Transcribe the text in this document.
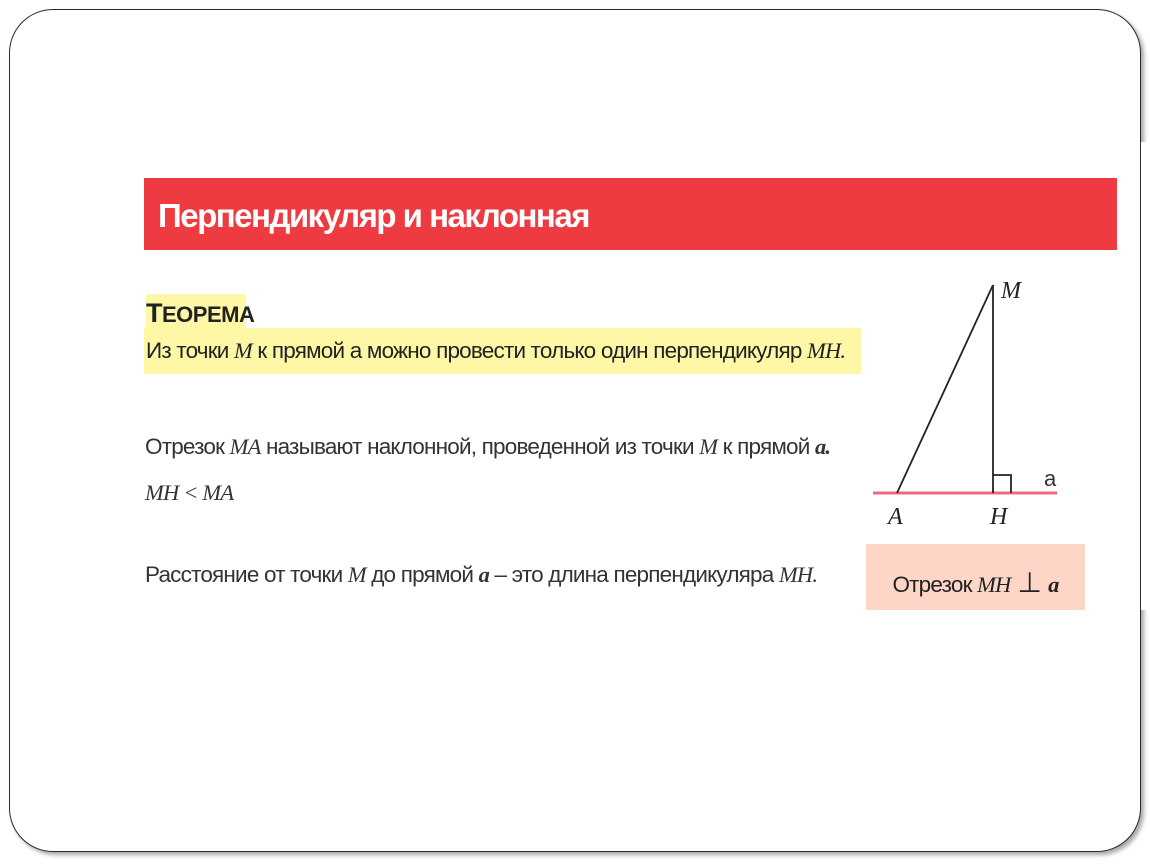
Перпендикуляр и наклонная
ТЕОРЕМА
Из точки M к прямой a можно провести только один перпендикуляр MH.
Отрезок MA называют наклонной, проведенной из точки M к прямой a.
MH < MA
Расстояние от точки M до прямой a – это длина перпендикуляра MH.
M
A	H
a
Отрезок MH ⊥ a
